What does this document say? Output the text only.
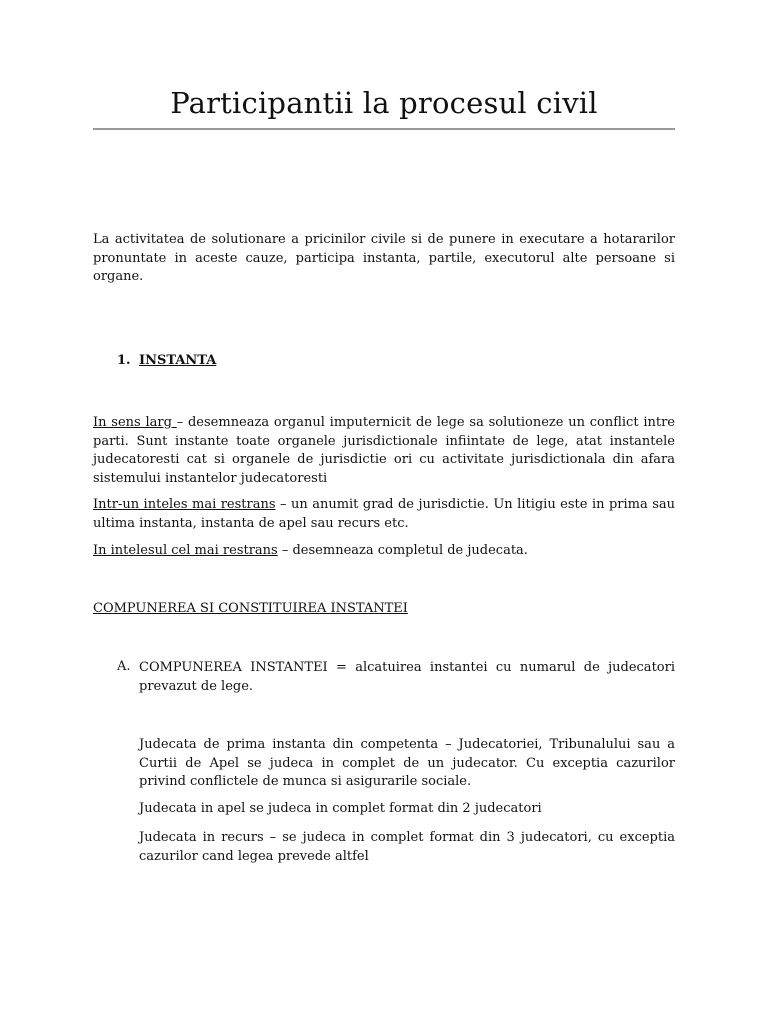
Participantii la procesul civil

La activitatea de solutionare a pricinilor civile si de punere in executare a hotararilor pronuntate in aceste cauze, participa instanta, partile, executorul alte persoane si organe.

1. INSTANTA

In sens larg – desemneaza organul imputernicit de lege sa solutioneze un conflict intre parti. Sunt instante toate organele jurisdictionale infiintate de lege, atat instantele judecatoresti cat si organele de jurisdictie ori cu activitate jurisdictionala din afara sistemului instantelor judecatoresti

Intr-un inteles mai restrans – un anumit grad de jurisdictie. Un litigiu este in prima sau ultima instanta, instanta de apel sau recurs etc.

In intelesul cel mai restrans – desemneaza completul de judecata.

COMPUNEREA SI CONSTITUIREA INSTANTEI
A. COMPUNEREA INSTANTEI = alcatuirea instantei cu numarul de judecatori prevazut de lege.

Judecata de prima instanta din competenta – Judecatoriei, Tribunalului sau a Curtii de Apel se judeca in complet de un judecator. Cu exceptia cazurilor privind conflictele de munca si asigurarile sociale.

Judecata in apel se judeca in complet format din 2 judecatori

Judecata in recurs – se judeca in complet format din 3 judecatori, cu exceptia cazurilor cand legea prevede altfel
